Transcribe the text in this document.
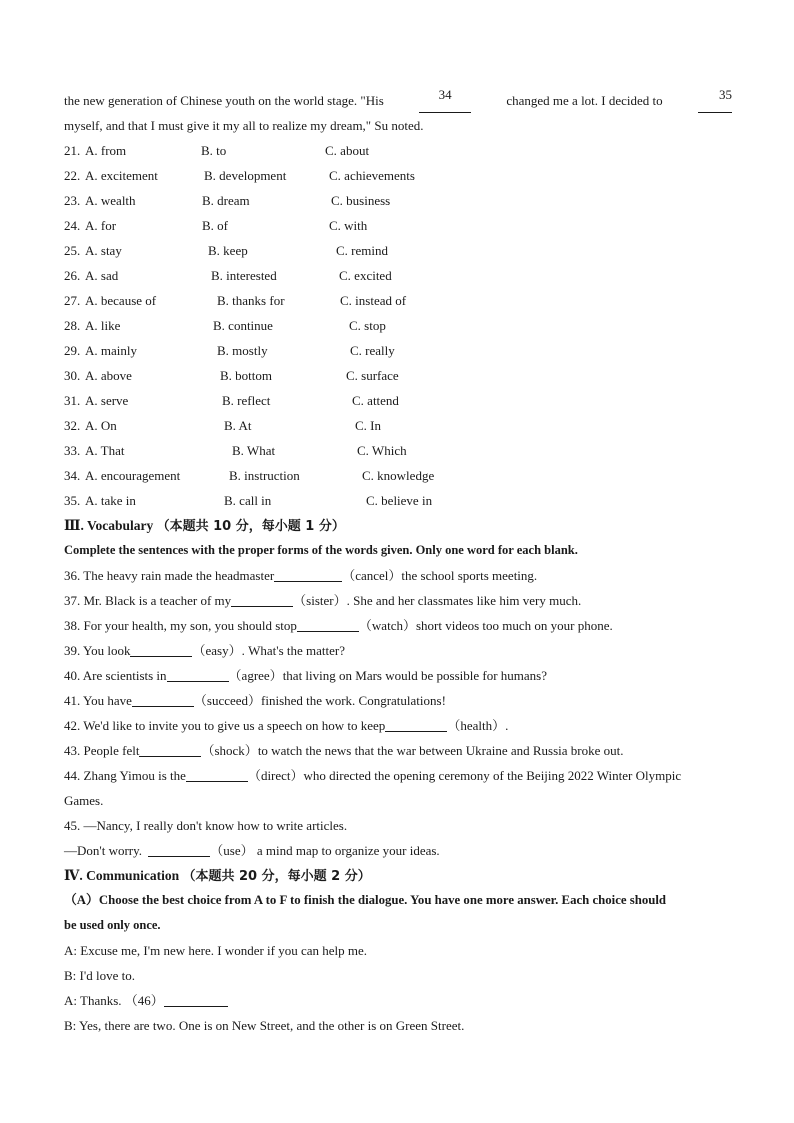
the new generation of Chinese youth on the world stage. "His	34	changed me a lot. I decided to	35
myself, and that I must give it my all to realize my dream," Su noted.
21. A. from	B. to	C. about
22. A. excitement	B. development	C. achievements
23. A. wealth	B. dream	C. business
24. A. for	B. of	C. with
25. A. stay	B. keep	C. remind
26. A. sad	B. interested	C. excited
27. A. because of	B. thanks for	C. instead of
28. A. like	B. continue	C. stop
29. A. mainly	B. mostly	C. really
30. A. above	B. bottom	C. surface
31. A. serve	B. reflect	C. attend
32. A. On	B. At	C. In
33. A. That	B. What	C. Which
34. A. encouragement	B. instruction	C. knowledge
35. A. take in	B. call in	C. believe in
Ⅲ. Vocabulary （本题共 10 分，每小题 1 分）
Complete the sentences with the proper forms of the words given. Only one word for each blank.
36. The heavy rain made the headmaster	（cancel）the school sports meeting.
37. Mr. Black is a teacher of my	（sister）. She and her classmates like him very much.
38. For your health, my son, you should stop	（watch）short videos too much on your phone.
39. You look	（easy）. What's the matter?
40. Are scientists in	（agree）that living on Mars would be possible for humans?
41. You have	（succeed）finished the work. Congratulations!
42. We'd like to invite you to give us a speech on how to keep	（health）.
43. People felt	（shock）to watch the news that the war between Ukraine and Russia broke out.
44. Zhang Yimou is the	（direct）who directed the opening ceremony of the Beijing 2022 Winter Olympic
Games.
45. —Nancy, I really don't know how to write articles.
—Don't worry.	（use） a mind map to organize your ideas.
Ⅳ. Communication （本题共 20 分，每小题 2 分）
（A）Choose the best choice from A to F to finish the dialogue. You have one more answer. Each choice should
be used only once.
A: Excuse me, I'm new here. I wonder if you can help me.
B: I'd love to.
A: Thanks. （46）
B: Yes, there are two. One is on New Street, and the other is on Green Street.
